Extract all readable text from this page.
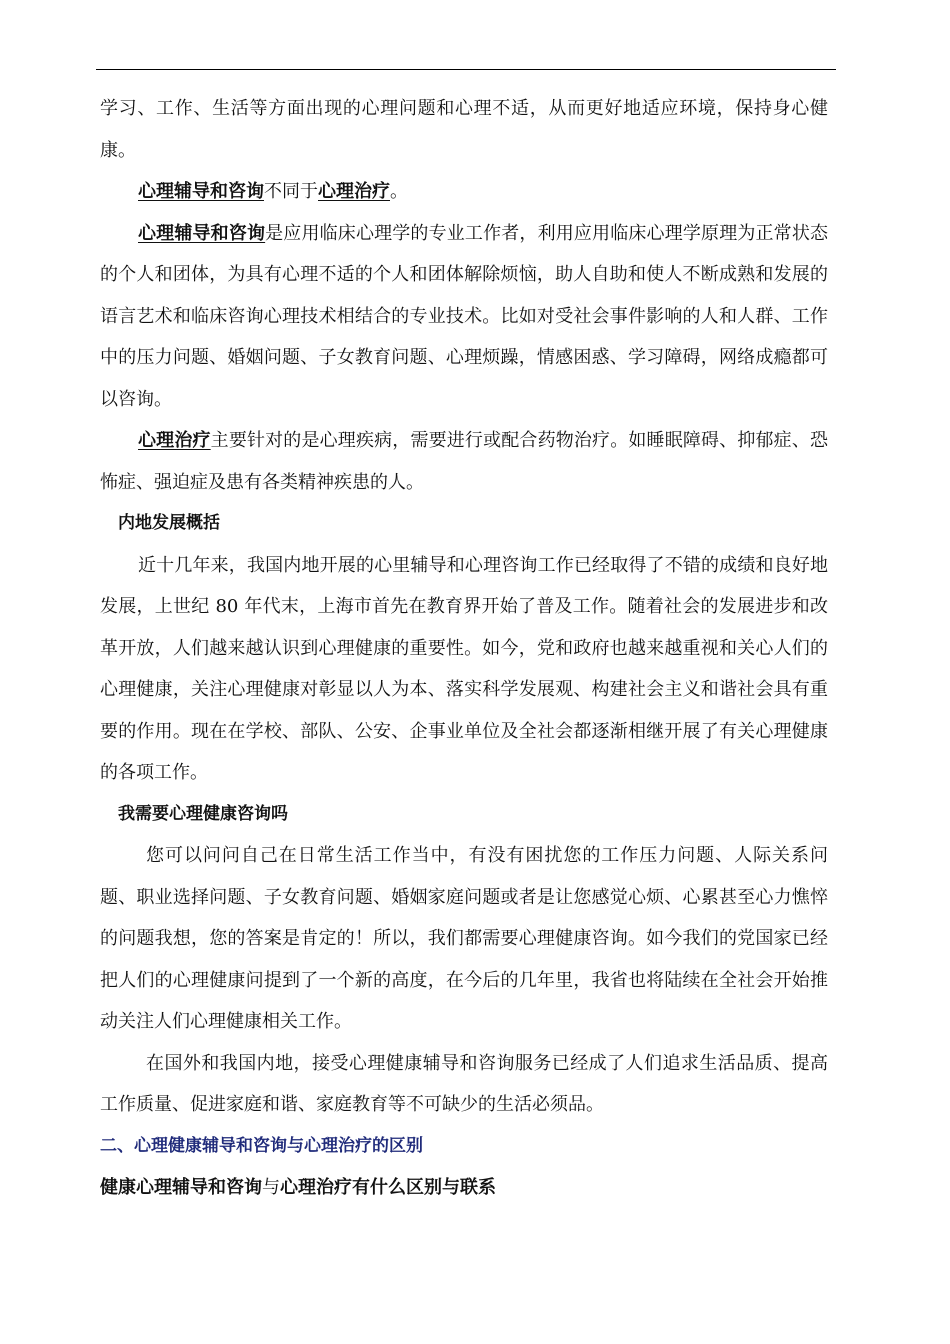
学习、工作、生活等方面出现的心理问题和心理不适，从而更好地适应环境，保持身心健康。

心理辅导和咨询不同于心理治疗。

心理辅导和咨询是应用临床心理学的专业工作者，利用应用临床心理学原理为正常状态的个人和团体，为具有心理不适的个人和团体解除烦恼，助人自助和使人不断成熟和发展的语言艺术和临床咨询心理技术相结合的专业技术。比如对受社会事件影响的人和人群、工作中的压力问题、婚姻问题、子女教育问题、心理烦躁，情感困惑、学习障碍，网络成瘾都可以咨询。

心理治疗主要针对的是心理疾病，需要进行或配合药物治疗。如睡眠障碍、抑郁症、恐怖症、强迫症及患有各类精神疾患的人。

内地发展概括

近十几年来，我国内地开展的心里辅导和心理咨询工作已经取得了不错的成绩和良好地发展，上世纪 80 年代末，上海市首先在教育界开始了普及工作。随着社会的发展进步和改革开放，人们越来越认识到心理健康的重要性。如今，党和政府也越来越重视和关心人们的心理健康，关注心理健康对彰显以人为本、落实科学发展观、构建社会主义和谐社会具有重要的作用。现在在学校、部队、公安、企事业单位及全社会都逐渐相继开展了有关心理健康的各项工作。

我需要心理健康咨询吗

您可以问问自己在日常生活工作当中，有没有困扰您的工作压力问题、人际关系问题、职业选择问题、子女教育问题、婚姻家庭问题或者是让您感觉心烦、心累甚至心力憔悴的问题我想，您的答案是肯定的！所以，我们都需要心理健康咨询。如今我们的党国家已经把人们的心理健康问提到了一个新的高度，在今后的几年里，我省也将陆续在全社会开始推动关注人们心理健康相关工作。

在国外和我国内地，接受心理健康辅导和咨询服务已经成了人们追求生活品质、提高工作质量、促进家庭和谐、家庭教育等不可缺少的生活必须品。

二、心理健康辅导和咨询与心理治疗的区别

健康心理辅导和咨询与心理治疗有什么区别与联系
